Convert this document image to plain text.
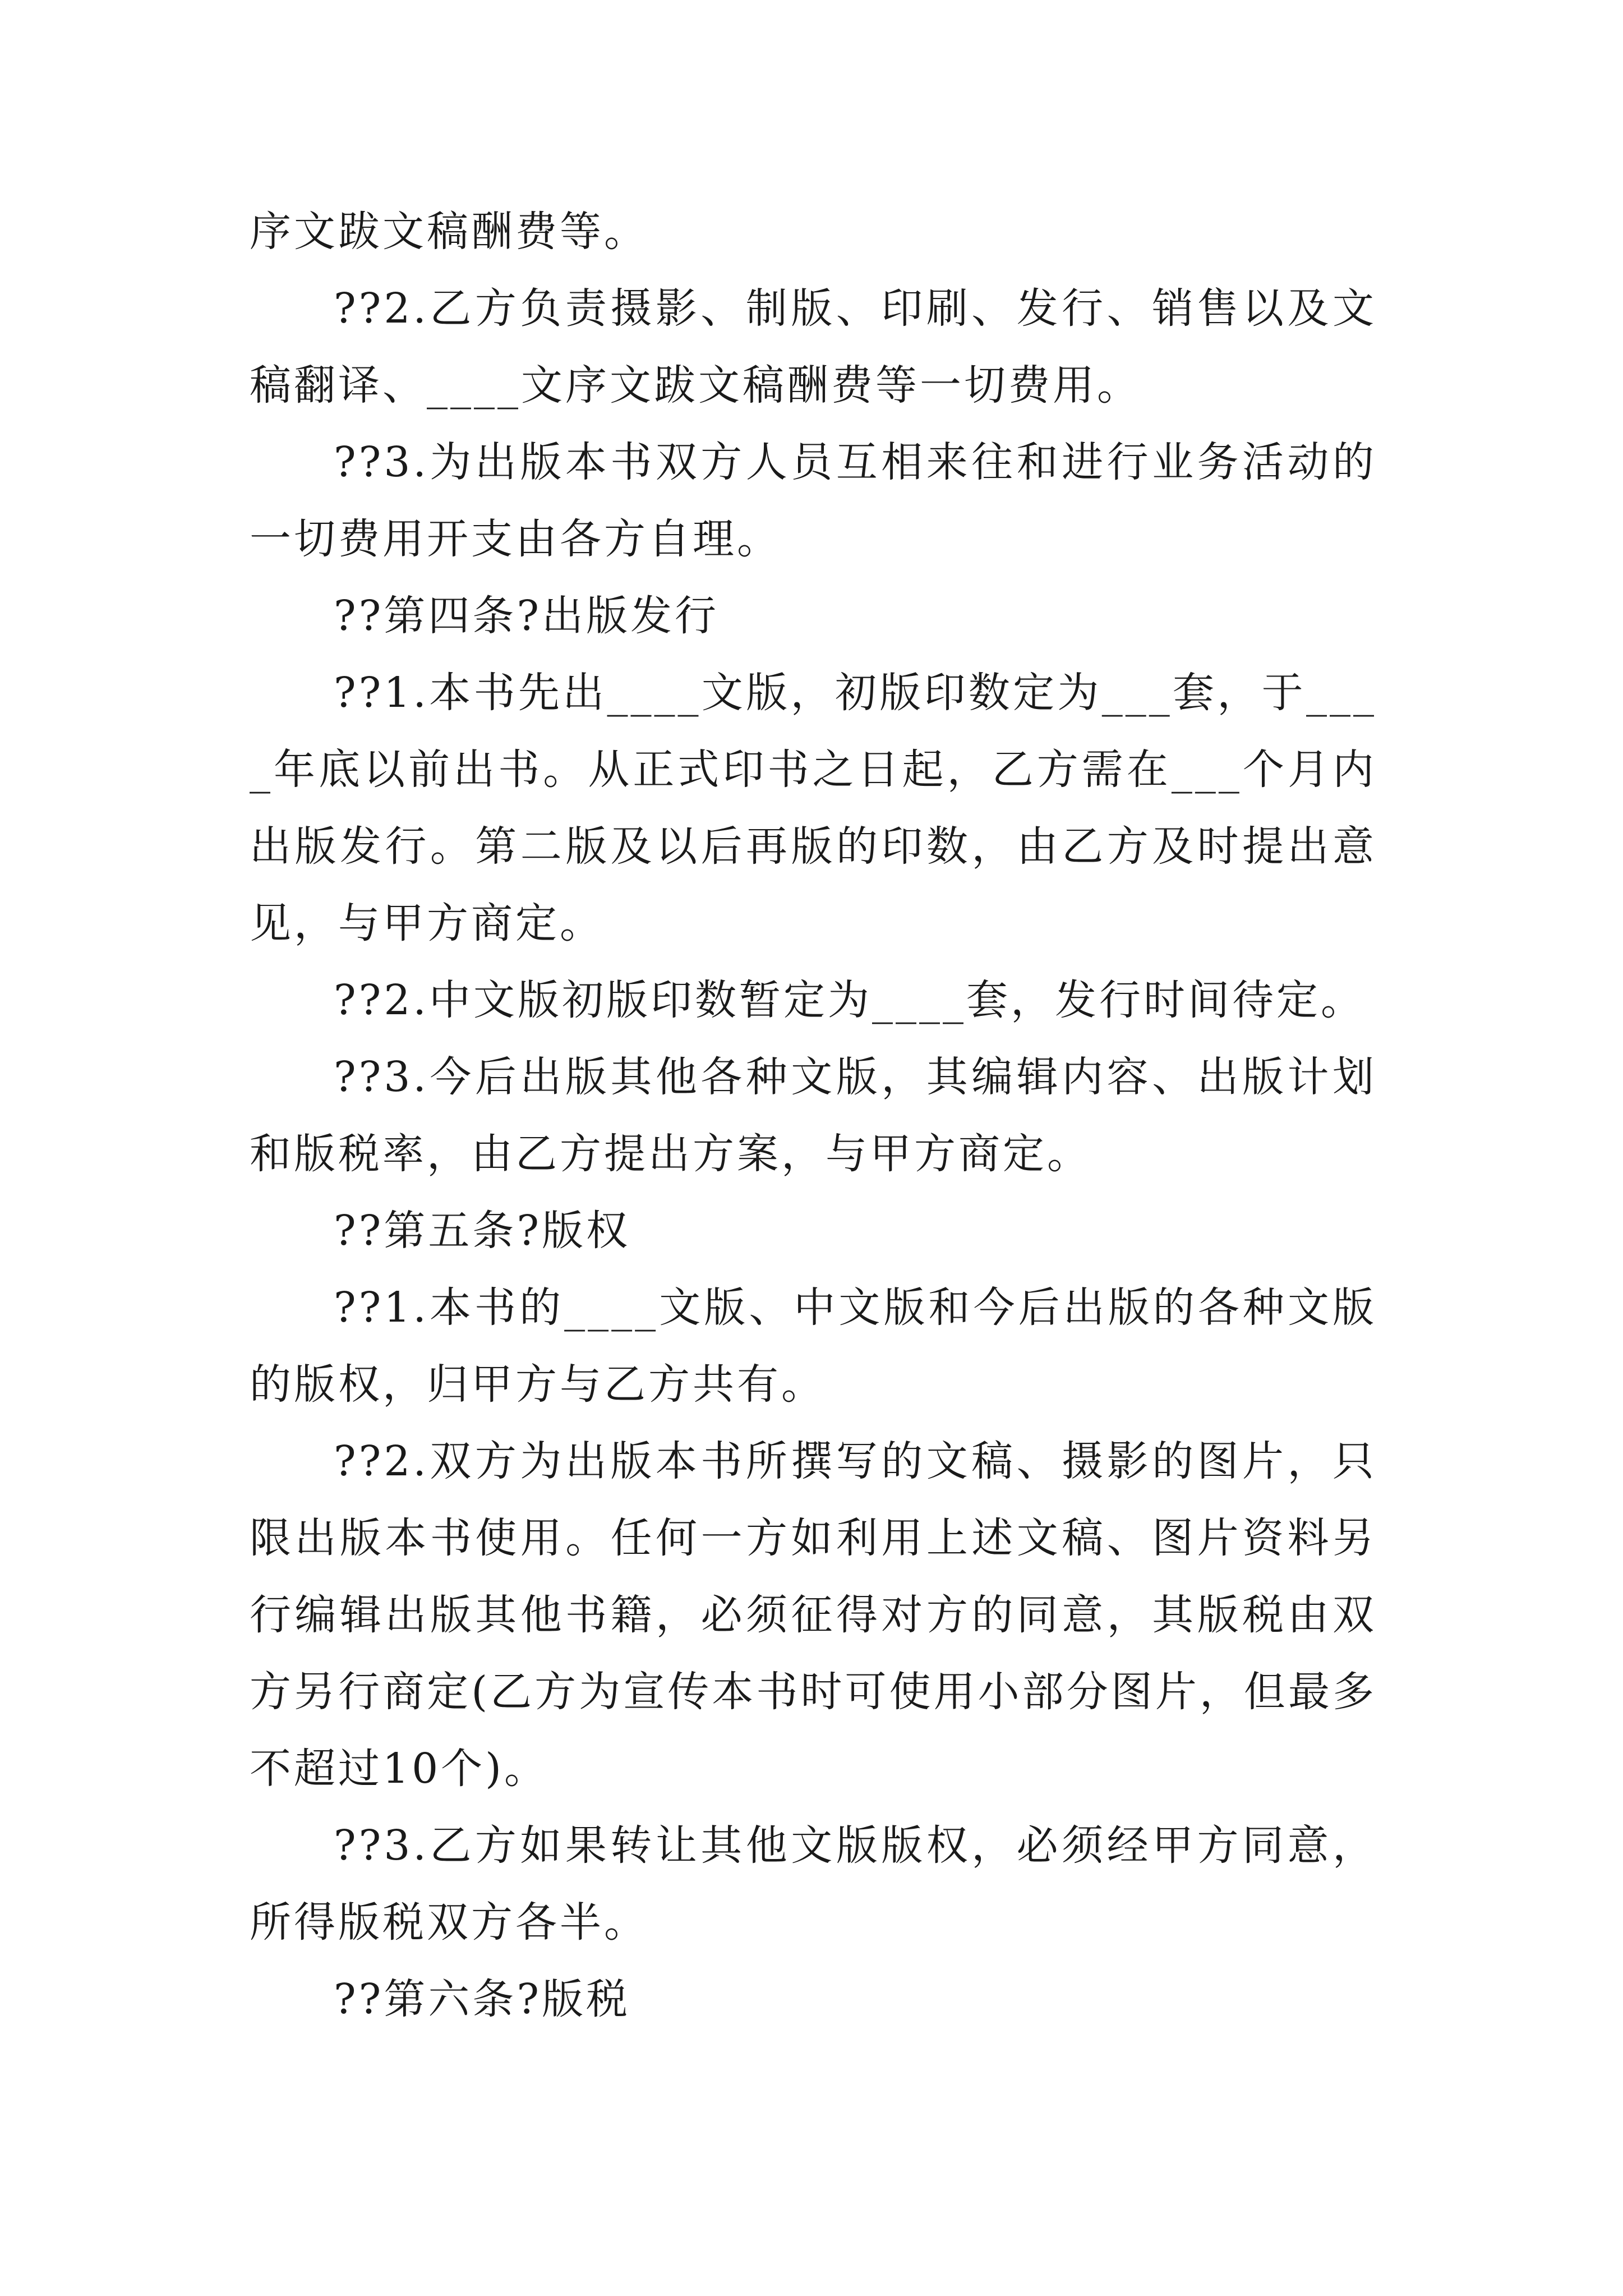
序文跋文稿酬费等。

??2.乙方负责摄影、制版、印刷、发行、销售以及文稿翻译、____文序文跋文稿酬费等一切费用。

??3.为出版本书双方人员互相来往和进行业务活动的一切费用开支由各方自理。

??第四条?出版发行

??1.本书先出____文版，初版印数定为___套，于____年底以前出书。从正式印书之日起，乙方需在___个月内出版发行。第二版及以后再版的印数，由乙方及时提出意见，与甲方商定。

??2.中文版初版印数暂定为____套，发行时间待定。

??3.今后出版其他各种文版，其编辑内容、出版计划和版税率，由乙方提出方案，与甲方商定。

??第五条?版权

??1.本书的____文版、中文版和今后出版的各种文版的版权，归甲方与乙方共有。

??2.双方为出版本书所撰写的文稿、摄影的图片，只限出版本书使用。任何一方如利用上述文稿、图片资料另行编辑出版其他书籍，必须征得对方的同意，其版税由双方另行商定(乙方为宣传本书时可使用小部分图片，但最多不超过10个)。

??3.乙方如果转让其他文版版权，必须经甲方同意，所得版税双方各半。

??第六条?版税
